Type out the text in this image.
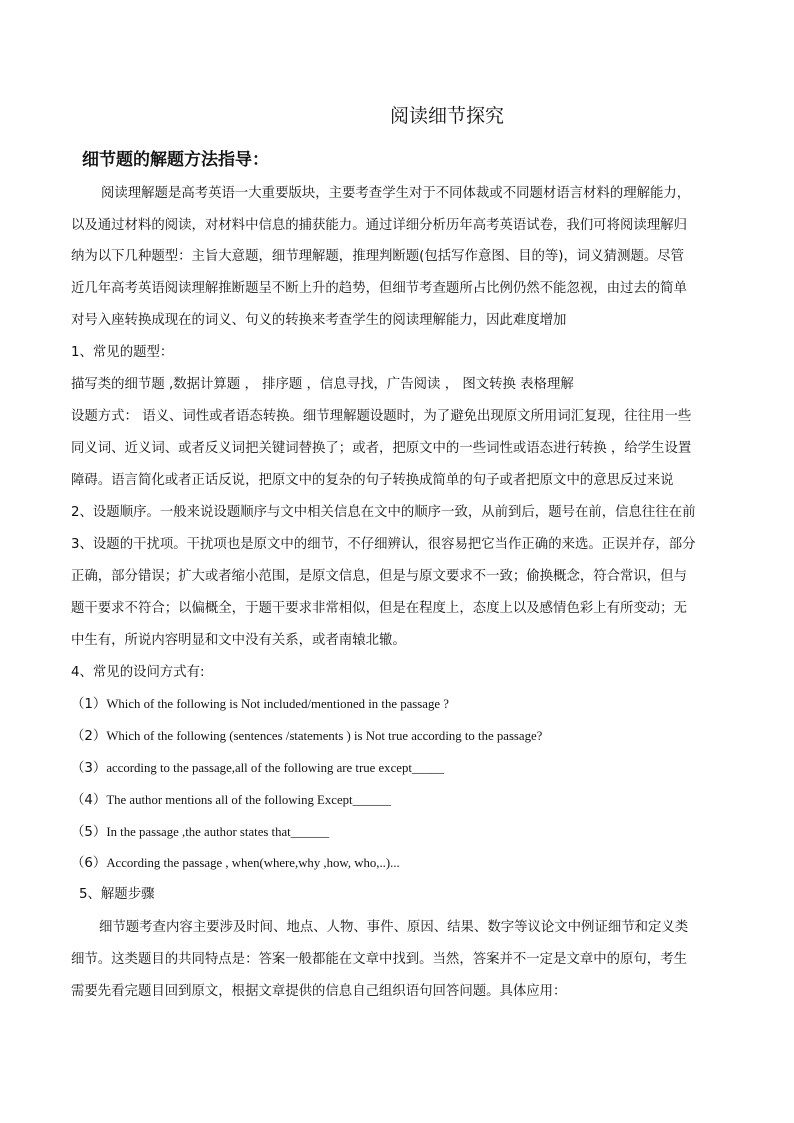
阅读细节探究
细节题的解题方法指导：
阅读理解题是高考英语一大重要版块，主要考查学生对于不同体裁或不同题材语言材料的理解能力，
以及通过材料的阅读，对材料中信息的捕获能力。通过详细分析历年高考英语试卷，我们可将阅读理解归
纳为以下几种题型：主旨大意题，细节理解题，推理判断题(包括写作意图、目的等)，词义猜测题。尽管
近几年高考英语阅读理解推断题呈不断上升的趋势，但细节考查题所占比例仍然不能忽视，由过去的简单
对号入座转换成现在的词义、句义的转换来考查学生的阅读理解能力，因此难度增加
1、常见的题型：
描写类的细节题 ,数据计算题 ， 排序题 ，信息寻找，广告阅读 ， 图文转换 表格理解
设题方式： 语义、词性或者语态转换。细节理解题设题时，为了避免出现原文所用词汇复现，往往用一些
同义词、近义词、或者反义词把关键词替换了；或者，把原文中的一些词性或语态进行转换 ，给学生设置
障碍。语言简化或者正话反说，把原文中的复杂的句子转换成简单的句子或者把原文中的意思反过来说
2、设题顺序。一般来说设题顺序与文中相关信息在文中的顺序一致，从前到后，题号在前，信息往往在前
3、设题的干扰项。干扰项也是原文中的细节，不仔细辨认，很容易把它当作正确的来选。正误并存，部分
正确，部分错误；扩大或者缩小范围，是原文信息，但是与原文要求不一致；偷换概念，符合常识，但与
题干要求不符合；以偏概全，于题干要求非常相似，但是在程度上，态度上以及感情色彩上有所变动；无
中生有，所说内容明显和文中没有关系，或者南辕北辙。
4、常见的设问方式有:
（1）Which of the following is Not included/mentioned in the passage ?
（2）Which of the following (sentences /statements ) is Not true according to the passage?
（3）according to the passage,all of the following are true except_____
（4）The author mentions all of the following Except______
（5）In the passage ,the author states that______
（6）According the passage , when(where,why ,how, who,..)...
5、解题步骤
细节题考查内容主要涉及时间、地点、人物、事件、原因、结果、数字等议论文中例证细节和定义类
细节。这类题目的共同特点是：答案一般都能在文章中找到。当然，答案并不一定是文章中的原句，考生
需要先看完题目回到原文，根据文章提供的信息自己组织语句回答问题。具体应用：
